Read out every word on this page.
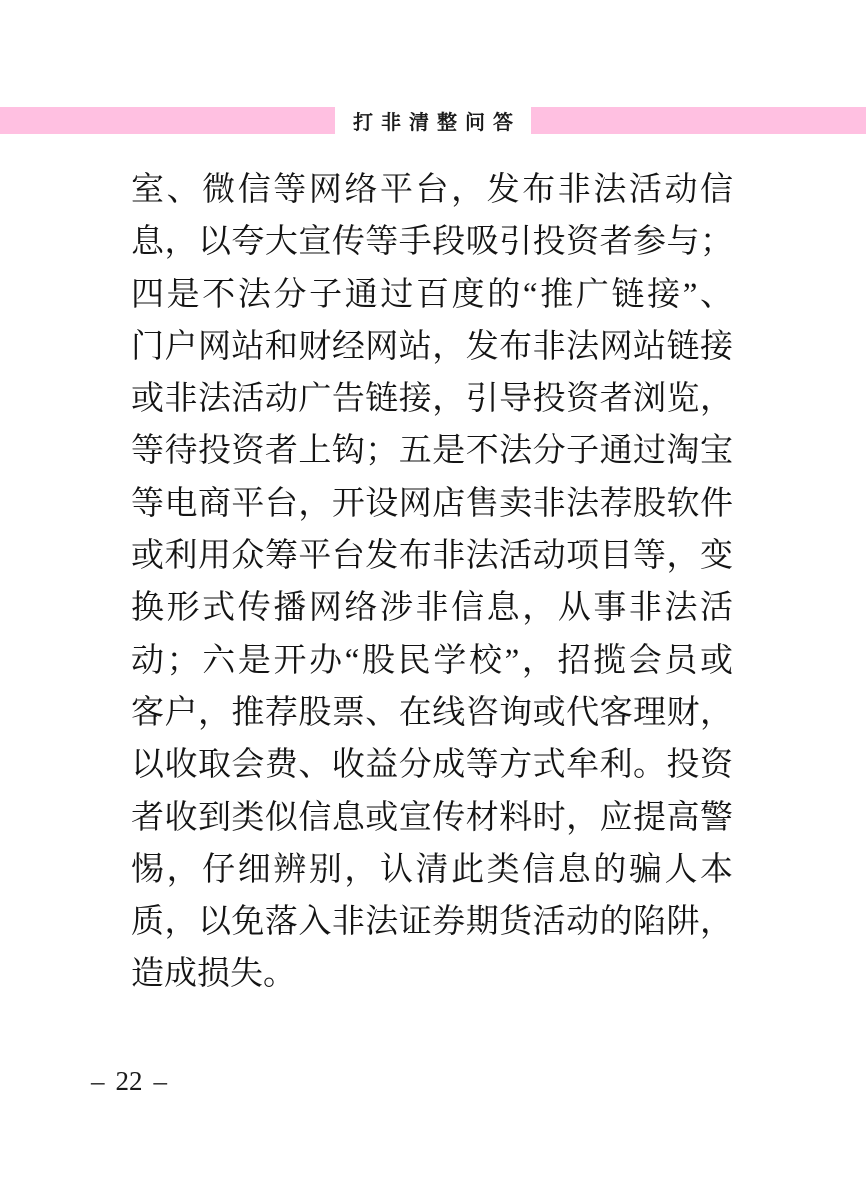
打非清整问答
室、微信等网络平台，发布非法活动信
息，以夸大宣传等手段吸引投资者参与；
四是不法分子通过百度的“推广链接”、
门户网站和财经网站，发布非法网站链接
或非法活动广告链接，引导投资者浏览，
等待投资者上钩；五是不法分子通过淘宝
等电商平台，开设网店售卖非法荐股软件
或利用众筹平台发布非法活动项目等，变
换形式传播网络涉非信息，从事非法活
动；六是开办“股民学校”，招揽会员或
客户，推荐股票、在线咨询或代客理财，
以收取会费、收益分成等方式牟利。投资
者收到类似信息或宣传材料时，应提高警
惕，仔细辨别，认清此类信息的骗人本
质，以免落入非法证券期货活动的陷阱，
造成损失。
– 22 –
